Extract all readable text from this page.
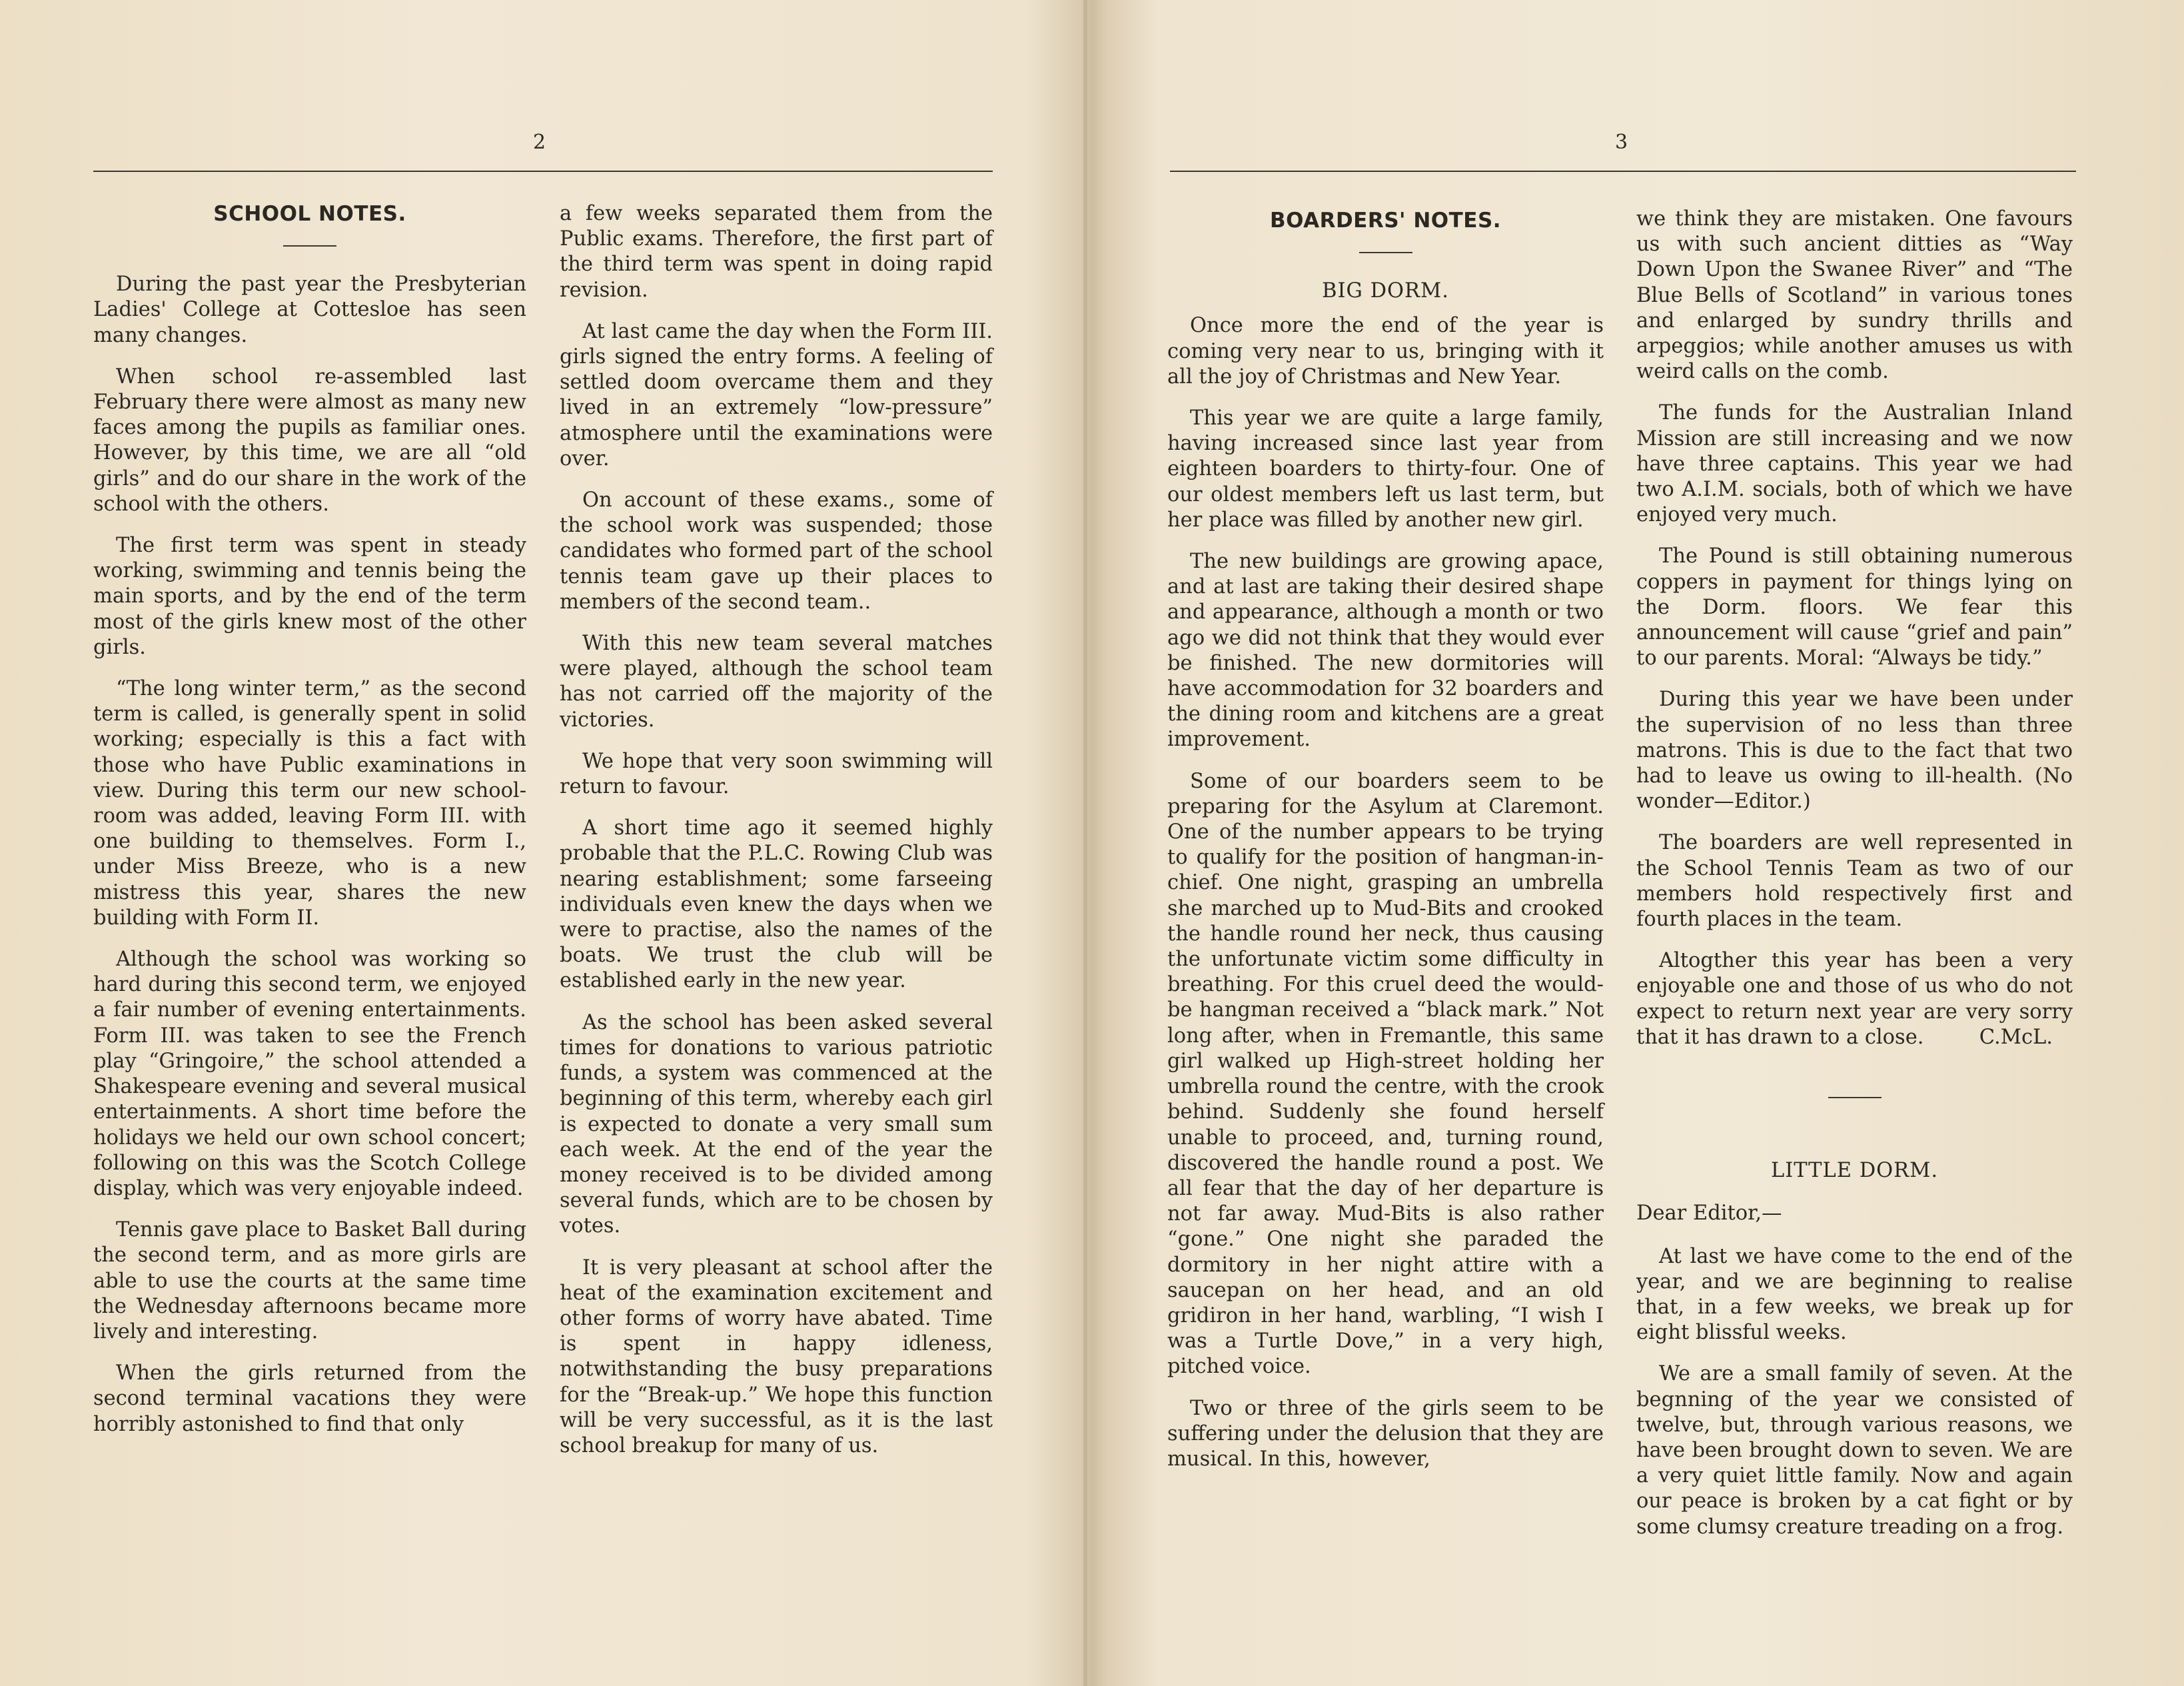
2
SCHOOL NOTES.

During the past year the Presbyterian Ladies' College at Cottesloe has seen many changes.

When school re-assembled last February there were almost as many new faces among the pupils as familiar ones. However, by this time, we are all “old girls” and do our share in the work of the school with the others.

The first term was spent in steady working, swimming and tennis being the main sports, and by the end of the term most of the girls knew most of the other girls.

“The long winter term,” as the second term is called, is generally spent in solid working; especially is this a fact with those who have Public examinations in view. During this term our new school-room was added, leaving Form III. with one building to themselves. Form I., under Miss Breeze, who is a new mistress this year, shares the new building with Form II.

Although the school was working so hard during this second term, we enjoyed a fair number of evening entertainments. Form III. was taken to see the French play “Gringoire,” the school attended a Shakespeare evening and several musical entertainments. A short time before the holidays we held our own school concert; following on this was the Scotch College display, which was very enjoyable indeed.

Tennis gave place to Basket Ball during the second term, and as more girls are able to use the courts at the same time the Wednesday afternoons became more lively and interesting.

When the girls returned from the second terminal vacations they were horribly astonished to find that only

a few weeks separated them from the Public exams. Therefore, the first part of the third term was spent in doing rapid revision.

At last came the day when the Form III. girls signed the entry forms. A feeling of settled doom overcame them and they lived in an extremely “low-pressure” atmosphere until the examinations were over.

On account of these exams., some of the school work was suspended; those candidates who formed part of the school tennis team gave up their places to members of the second team..

With this new team several matches were played, although the school team has not carried off the majority of the victories.

We hope that very soon swimming will return to favour.

A short time ago it seemed highly probable that the P.L.C. Rowing Club was nearing establishment; some farseeing individuals even knew the days when we were to practise, also the names of the boats. We trust the club will be established early in the new year.

As the school has been asked several times for donations to various patriotic funds, a system was commenced at the beginning of this term, whereby each girl is expected to donate a very small sum each week. At the end of the year the money received is to be divided among several funds, which are to be chosen by votes.

It is very pleasant at school after the heat of the examination excitement and other forms of worry have abated. Time is spent in happy idleness, notwithstanding the busy preparations for the “Break-up.” We hope this function will be very successful, as it is the last school breakup for many of us.

3
BOARDERS' NOTES.
BIG DORM.

Once more the end of the year is coming very near to us, bringing with it all the joy of Christmas and New Year.

This year we are quite a large family, having increased since last year from eighteen boarders to thirty-four. One of our oldest members left us last term, but her place was filled by another new girl.

The new buildings are growing apace, and at last are taking their desired shape and appearance, although a month or two ago we did not think that they would ever be finished. The new dormitories will have accommodation for 32 boarders and the dining room and kitchens are a great improvement.

Some of our boarders seem to be preparing for the Asylum at Claremont. One of the number appears to be trying to qualify for the position of hangman-in-chief. One night, grasping an umbrella she marched up to Mud-Bits and crooked the handle round her neck, thus causing the unfortunate victim some difficulty in breathing. For this cruel deed the would-be hangman received a “black mark.” Not long after, when in Fremantle, this same girl walked up High-street holding her umbrella round the centre, with the crook behind. Suddenly she found herself unable to proceed, and, turning round, discovered the handle round a post. We all fear that the day of her departure is not far away. Mud-Bits is also rather “gone.” One night she paraded the dormitory in her night attire with a saucepan on her head, and an old gridiron in her hand, warbling, “I wish I was a Turtle Dove,” in a very high, pitched voice.

Two or three of the girls seem to be suffering under the delusion that they are musical. In this, however,

we think they are mistaken. One favours us with such ancient ditties as “Way Down Upon the Swanee River” and “The Blue Bells of Scotland” in various tones and enlarged by sundry thrills and arpeggios; while another amuses us with weird calls on the comb.

The funds for the Australian Inland Mission are still increasing and we now have three captains. This year we had two A.I.M. socials, both of which we have enjoyed very much.

The Pound is still obtaining numerous coppers in payment for things lying on the Dorm. floors. We fear this announcement will cause “grief and pain” to our parents. Moral: “Always be tidy.”

During this year we have been under the supervision of no less than three matrons. This is due to the fact that two had to leave us owing to ill-health. (No wonder—Editor.)

The boarders are well represented in the School Tennis Team as two of our members hold respectively first and fourth places in the team.

Altogther this year has been a very enjoyable one and those of us who do not expect to return next year are very sorry that it has drawn to a close.	C.McL.

LITTLE DORM.

Dear Editor,—

At last we have come to the end of the year, and we are beginning to realise that, in a few weeks, we break up for eight blissful weeks.

We are a small family of seven. At the begnning of the year we consisted of twelve, but, through various reasons, we have been brought down to seven. We are a very quiet little family. Now and again our peace is broken by a cat fight or by some clumsy creature treading on a frog.
